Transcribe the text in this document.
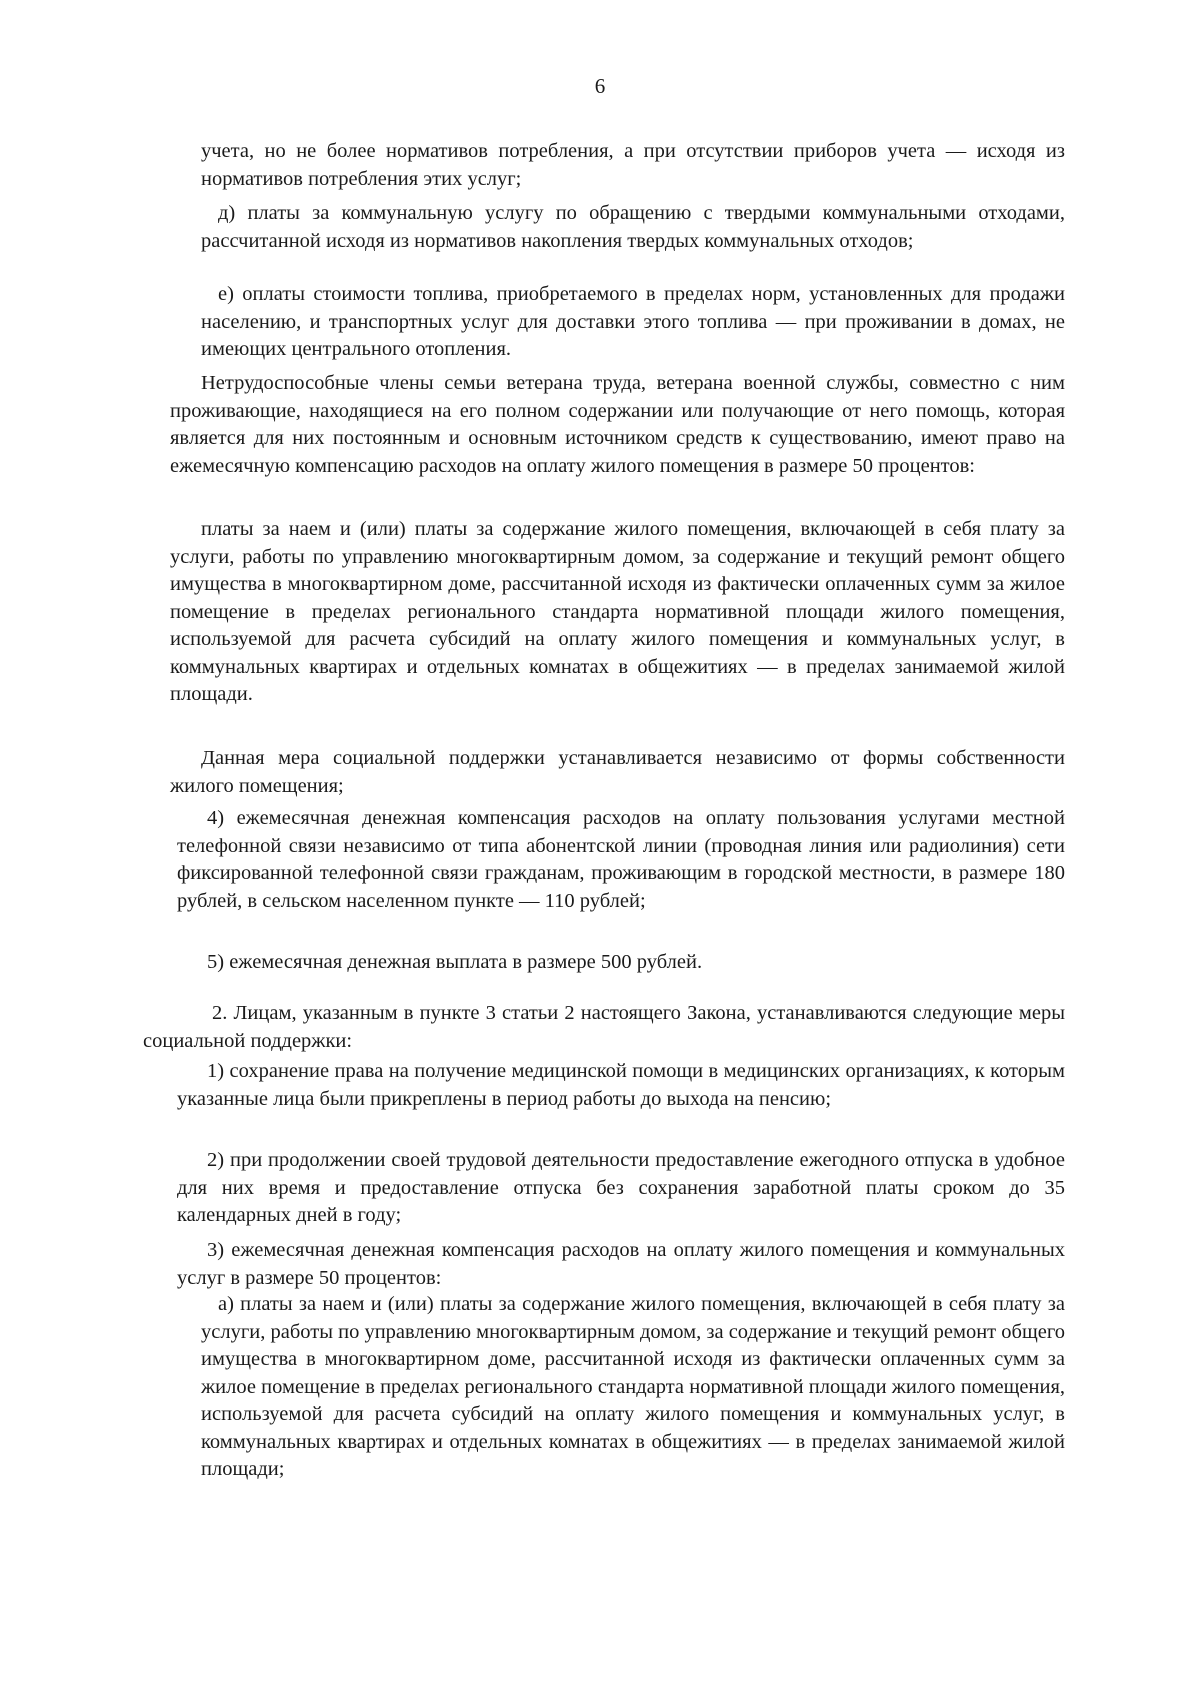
6

учета, но не более нормативов потребления, а при отсутствии приборов учета — исходя из нормативов потребления этих услуг;

д) платы за коммунальную услугу по обращению с твердыми коммунальными отходами, рассчитанной исходя из нормативов накопления твердых коммунальных отходов;

е) оплаты стоимости топлива, приобретаемого в пределах норм, установленных для продажи населению, и транспортных услуг для доставки этого топлива — при проживании в домах, не имеющих центрального отопления.

Нетрудоспособные члены семьи ветерана труда, ветерана военной службы, совместно с ним проживающие, находящиеся на его полном содержании или получающие от него помощь, которая является для них постоянным и основным источником средств к существованию, имеют право на ежемесячную компенсацию расходов на оплату жилого помещения в размере 50 процентов:

платы за наем и (или) платы за содержание жилого помещения, включающей в себя плату за услуги, работы по управлению многоквартирным домом, за содержание и текущий ремонт общего имущества в многоквартирном доме, рассчитанной исходя из фактически оплаченных сумм за жилое помещение в пределах регионального стандарта нормативной площади жилого помещения, используемой для расчета субсидий на оплату жилого помещения и коммунальных услуг, в коммунальных квартирах и отдельных комнатах в общежитиях — в пределах занимаемой жилой площади.

Данная мера социальной поддержки устанавливается независимо от формы собственности жилого помещения;

4) ежемесячная денежная компенсация расходов на оплату пользования услугами местной телефонной связи независимо от типа абонентской линии (проводная линия или радиолиния) сети фиксированной телефонной связи гражданам, проживающим в городской местности, в размере 180 рублей, в сельском населенном пункте — 110 рублей;

5) ежемесячная денежная выплата в размере 500 рублей.

2. Лицам, указанным в пункте 3 статьи 2 настоящего Закона, устанавливаются следующие меры социальной поддержки:

1) сохранение права на получение медицинской помощи в медицинских организациях, к которым указанные лица были прикреплены в период работы до выхода на пенсию;

2) при продолжении своей трудовой деятельности предоставление ежегодного отпуска в удобное для них время и предоставление отпуска без сохранения заработной платы сроком до 35 календарных дней в году;

3) ежемесячная денежная компенсация расходов на оплату жилого помещения и коммунальных услуг в размере 50 процентов:

а) платы за наем и (или) платы за содержание жилого помещения, включающей в себя плату за услуги, работы по управлению многоквартирным домом, за содержание и текущий ремонт общего имущества в многоквартирном доме, рассчитанной исходя из фактически оплаченных сумм за жилое помещение в пределах регионального стандарта нормативной площади жилого помещения, используемой для расчета субсидий на оплату жилого помещения и коммунальных услуг, в коммунальных квартирах и отдельных комнатах в общежитиях — в пределах занимаемой жилой площади;
